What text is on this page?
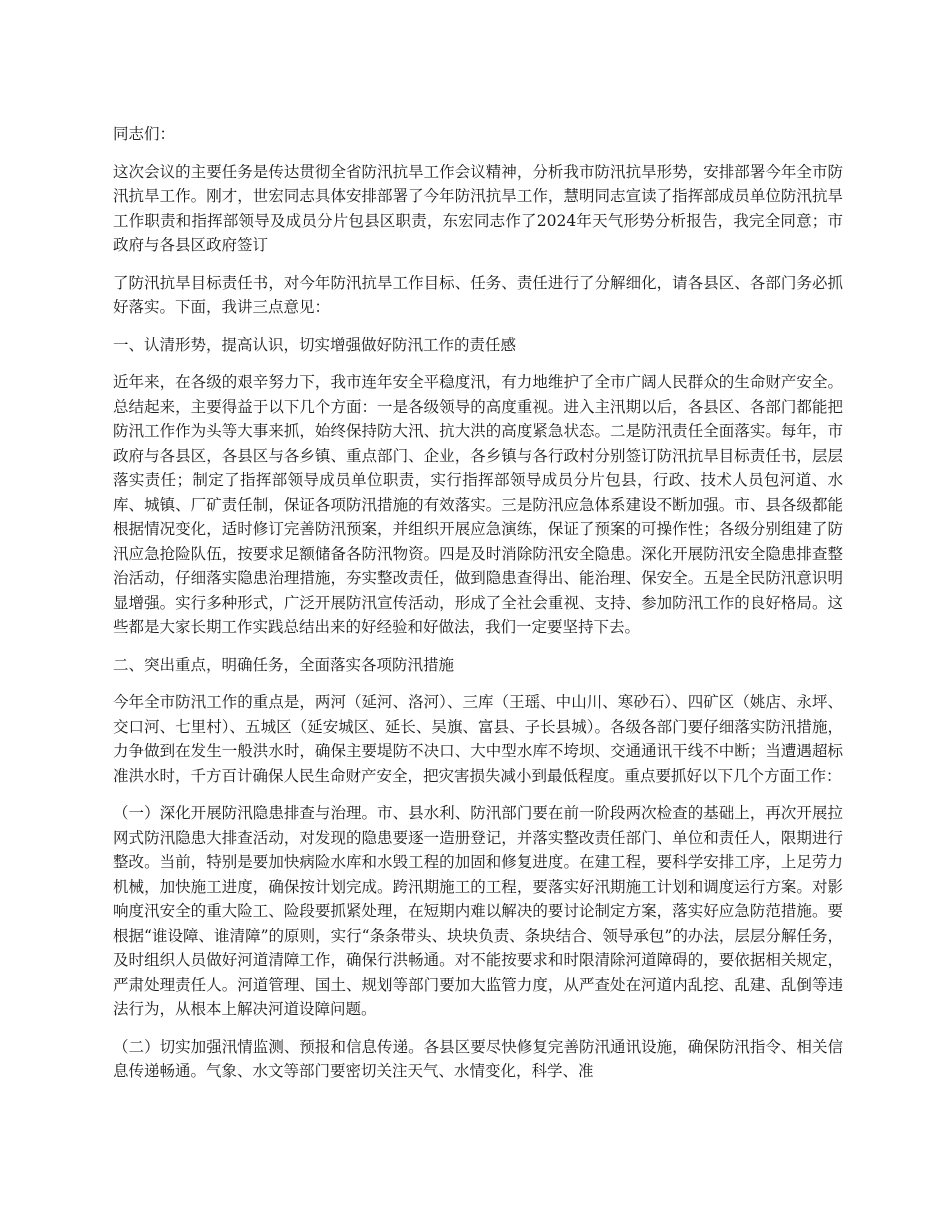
同志们：

这次会议的主要任务是传达贯彻全省防汛抗旱工作会议精神，分析我市防汛抗旱形势，安排部署今年全市防汛抗旱工作。刚才，世宏同志具体安排部署了今年防汛抗旱工作，慧明同志宣读了指挥部成员单位防汛抗旱工作职责和指挥部领导及成员分片包县区职责，东宏同志作了2024年天气形势分析报告，我完全同意；市政府与各县区政府签订

了防汛抗旱目标责任书，对今年防汛抗旱工作目标、任务、责任进行了分解细化，请各县区、各部门务必抓好落实。下面，我讲三点意见：

一、认清形势，提高认识，切实增强做好防汛工作的责任感

近年来，在各级的艰辛努力下，我市连年安全平稳度汛，有力地维护了全市广阔人民群众的生命财产安全。总结起来，主要得益于以下几个方面：一是各级领导的高度重视。进入主汛期以后，各县区、各部门都能把防汛工作作为头等大事来抓，始终保持防大汛、抗大洪的高度紧急状态。二是防汛责任全面落实。每年，市政府与各县区，各县区与各乡镇、重点部门、企业，各乡镇与各行政村分别签订防汛抗旱目标责任书，层层落实责任；制定了指挥部领导成员单位职责，实行指挥部领导成员分片包县，行政、技术人员包河道、水库、城镇、厂矿责任制，保证各项防汛措施的有效落实。三是防汛应急体系建设不断加强。市、县各级都能根据情况变化，适时修订完善防汛预案，并组织开展应急演练，保证了预案的可操作性；各级分别组建了防汛应急抢险队伍，按要求足额储备各防汛物资。四是及时消除防汛安全隐患。深化开展防汛安全隐患排查整治活动，仔细落实隐患治理措施，夯实整改责任，做到隐患查得出、能治理、保安全。五是全民防汛意识明显增强。实行多种形式，广泛开展防汛宣传活动，形成了全社会重视、支持、参加防汛工作的良好格局。这些都是大家长期工作实践总结出来的好经验和好做法，我们一定要坚持下去。

二、突出重点，明确任务，全面落实各项防汛措施

今年全市防汛工作的重点是，两河（延河、洛河）、三库（王瑶、中山川、寒砂石）、四矿区（姚店、永坪、交口河、七里村）、五城区（延安城区、延长、吴旗、富县、子长县城）。各级各部门要仔细落实防汛措施，力争做到在发生一般洪水时，确保主要堤防不决口、大中型水库不垮坝、交通通讯干线不中断；当遭遇超标准洪水时，千方百计确保人民生命财产安全，把灾害损失减小到最低程度。重点要抓好以下几个方面工作：

（一）深化开展防汛隐患排查与治理。市、县水利、防汛部门要在前一阶段两次检查的基础上，再次开展拉网式防汛隐患大排查活动，对发现的隐患要逐一造册登记，并落实整改责任部门、单位和责任人，限期进行整改。当前，特别是要加快病险水库和水毁工程的加固和修复进度。在建工程，要科学安排工序，上足劳力机械，加快施工进度，确保按计划完成。跨汛期施工的工程，要落实好汛期施工计划和调度运行方案。对影响度汛安全的重大险工、险段要抓紧处理，在短期内难以解决的要讨论制定方案，落实好应急防范措施。要根据“谁设障、谁清障”的原则，实行“条条带头、块块负责、条块结合、领导承包”的办法，层层分解任务，及时组织人员做好河道清障工作，确保行洪畅通。对不能按要求和时限清除河道障碍的，要依据相关规定，严肃处理责任人。河道管理、国土、规划等部门要加大监管力度，从严查处在河道内乱挖、乱建、乱倒等违法行为，从根本上解决河道设障问题。

（二）切实加强汛情监测、预报和信息传递。各县区要尽快修复完善防汛通讯设施，确保防汛指令、相关信息传递畅通。气象、水文等部门要密切关注天气、水情变化，科学、准
